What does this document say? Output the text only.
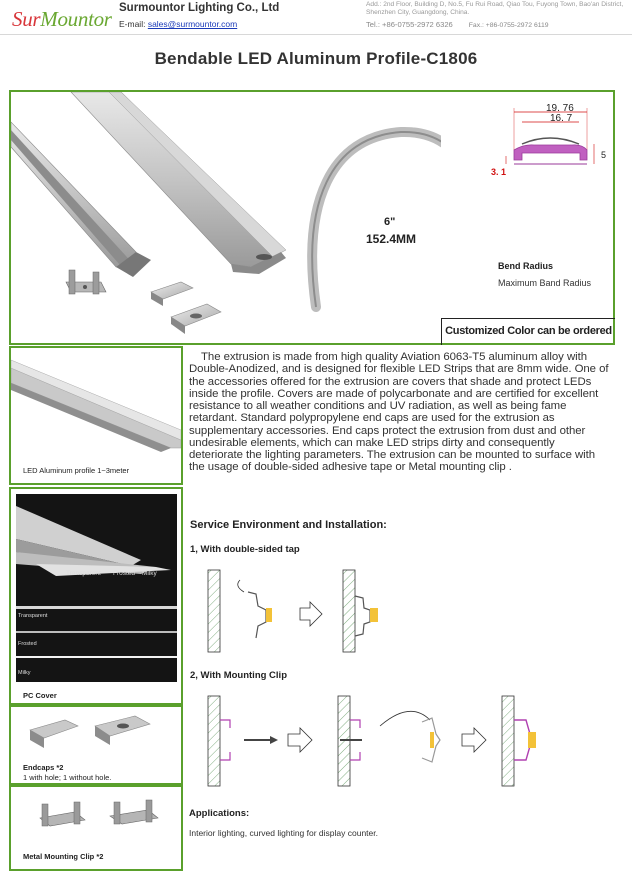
SurMountor Surmountor Lighting Co., Ltd
E-mail: sales@surmountor.com
Add.: 2nd Floor, Building D, No.5, Fu Rui Road, Qiao Tou, Fuyong Town, Bao'an District, Shenzhen City, Guangdong, China.
Tel.: +86-0755-2972 6326 Fax.: +86-0755-2972 6119
Bendable LED Aluminum Profile-C1806
6"
152.4MM
19. 76
16. 7
5
3. 1
Bend Radius
Maximum Band Radius
Customized Color can be ordered
LED Aluminum profile 1~3meter
Transparent Frosted Milky
Transparent
Frosted
Milky
PC Cover
Endcaps *2
1 with hole; 1 without hole.
Metal Mounting Clip *2

The extrusion is made from high quality Aviation 6063-T5 aluminum alloy with Double-Anodized, and is designed for flexible LED Strips that are 8mm wide. One of the accessories offered for the extrusion are covers that shade and protect LEDs inside the profile. Covers are made of polycarbonate and are certified for excellent resistance to all weather conditions and UV radiation, as well as being fame retardant. Standard polypropylene end caps are used for the extrusion as supplementary accessories. End caps protect the extrusion from dust and other undesirable elements, which can make LED strips dirty and consequently deteriorate the lighting parameters. The extrusion can be mounted to surface with the usage of double-sided adhesive tape or Metal mounting clip .

Service Environment and Installation:
1, With double-sided tap
2, With Mounting Clip
Applications:
Interior lighting, curved lighting for display counter.
